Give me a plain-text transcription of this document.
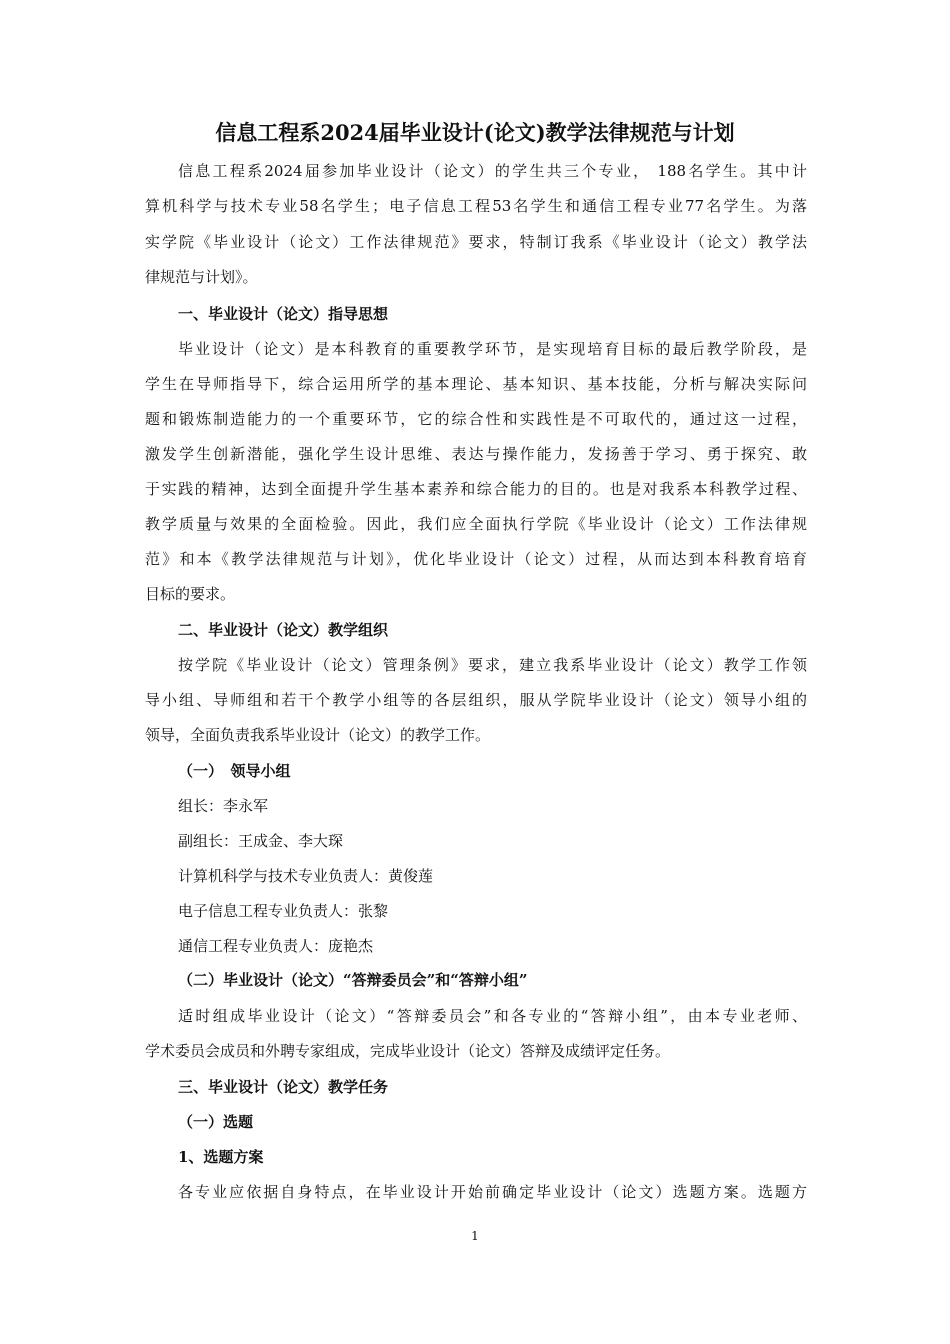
信息工程系2024届毕业设计(论文)教学法律规范与计划
信息工程系2024届参加毕业设计（论文）的学生共三个专业， 188名学生。其中计
算机科学与技术专业58名学生；电子信息工程53名学生和通信工程专业77名学生。为落
实学院《毕业设计（论文）工作法律规范》要求，特制订我系《毕业设计（论文）教学法
律规范与计划》。
一、毕业设计（论文）指导思想
毕业设计（论文）是本科教育的重要教学环节，是实现培育目标的最后教学阶段，是
学生在导师指导下，综合运用所学的基本理论、基本知识、基本技能，分析与解决实际问
题和锻炼制造能力的一个重要环节，它的综合性和实践性是不可取代的，通过这一过程，
激发学生创新潜能，强化学生设计思维、表达与操作能力，发扬善于学习、勇于探究、敢
于实践的精神，达到全面提升学生基本素养和综合能力的目的。也是对我系本科教学过程、
教学质量与效果的全面检验。因此，我们应全面执行学院《毕业设计（论文）工作法律规
范》和本《教学法律规范与计划》，优化毕业设计（论文）过程，从而达到本科教育培育
目标的要求。
二、毕业设计（论文）教学组织
按学院《毕业设计（论文）管理条例》要求，建立我系毕业设计（论文）教学工作领
导小组、导师组和若干个教学小组等的各层组织，服从学院毕业设计（论文）领导小组的
领导，全面负责我系毕业设计（论文）的教学工作。
（一）　领导小组
组长：李永军
副组长：王成金、李大琛
计算机科学与技术专业负责人：黄俊莲
电子信息工程专业负责人：张黎
通信工程专业负责人：庞艳杰
（二）毕业设计（论文）“答辩委员会”和“答辩小组”
适时组成毕业设计（论文）“答辩委员会”和各专业的“答辩小组”，由本专业老师、
学术委员会成员和外聘专家组成，完成毕业设计（论文）答辩及成绩评定任务。
三、毕业设计（论文）教学任务
（一）选题
1、选题方案
各专业应依据自身特点，在毕业设计开始前确定毕业设计（论文）选题方案。选题方
1
